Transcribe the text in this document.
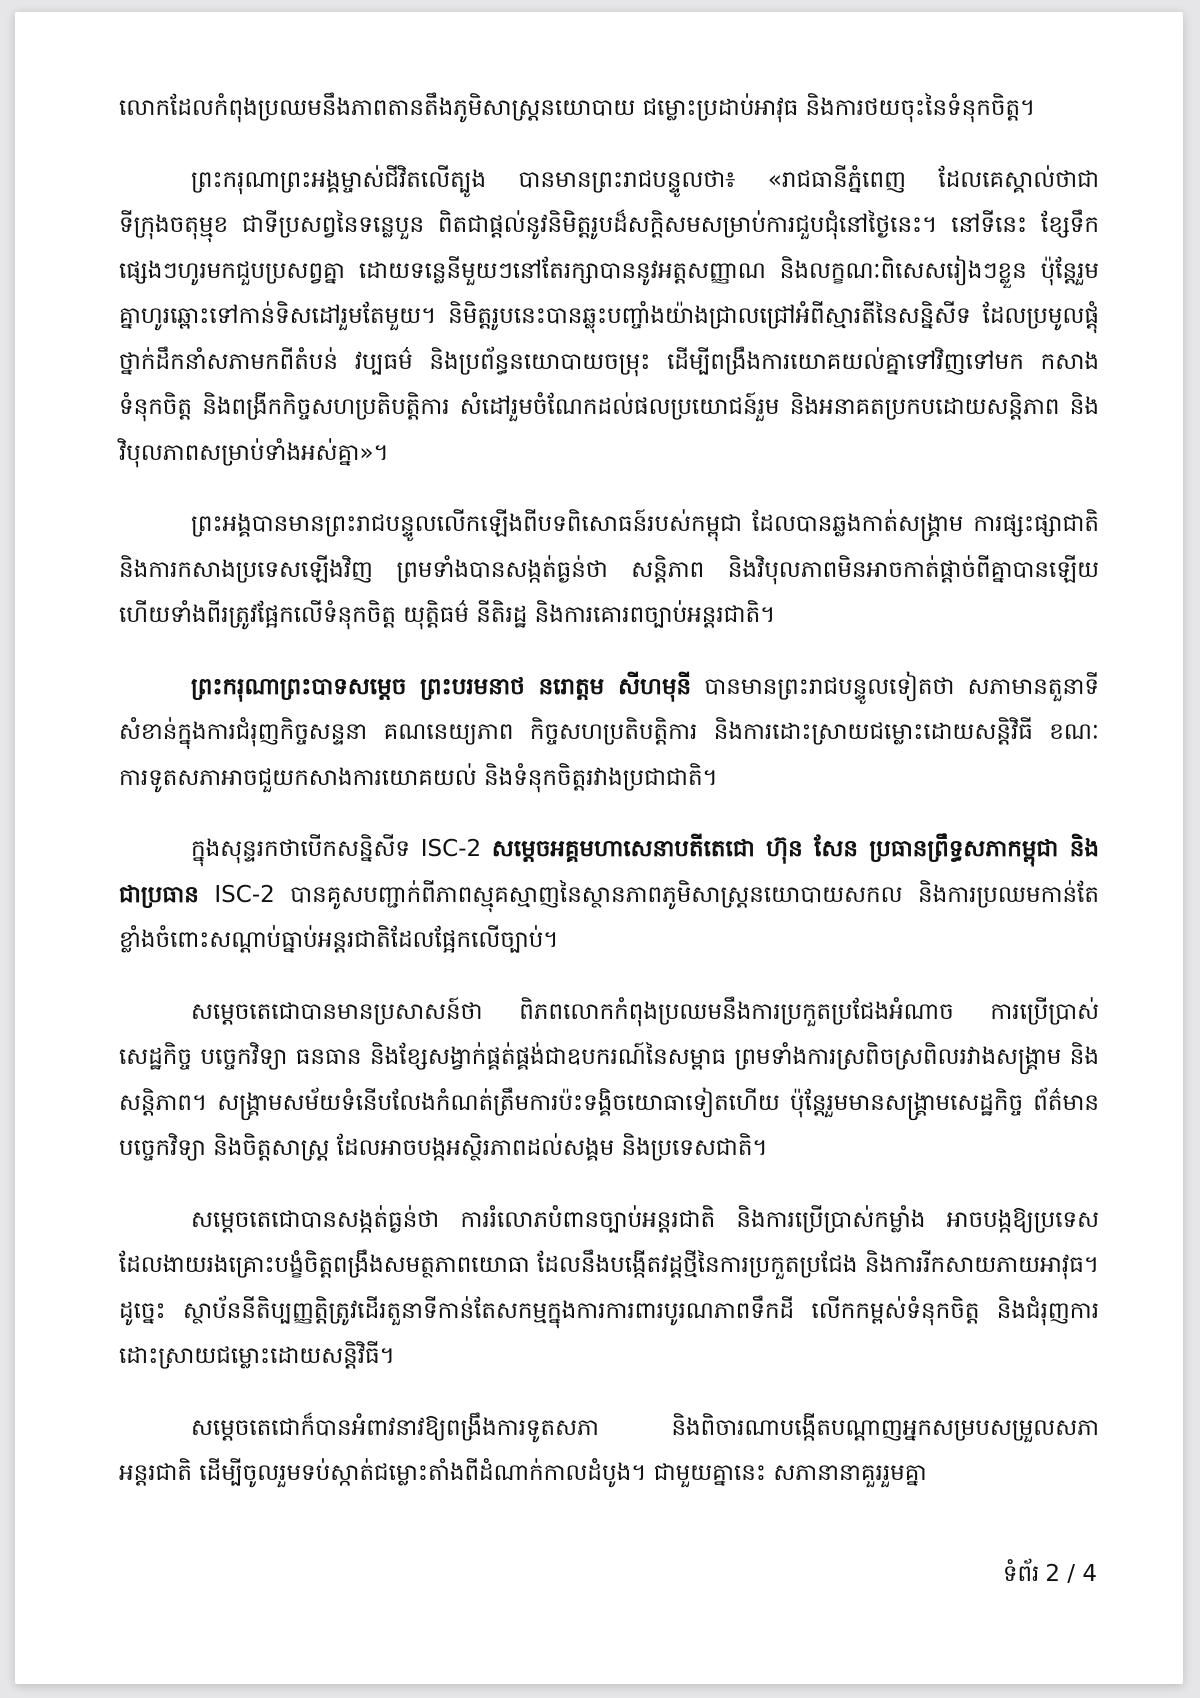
លោកដែលកំពុងប្រឈមនឹងភាពតានតឹងភូមិសាស្ត្រនយោបាយ ជម្លោះប្រដាប់អាវុធ និងការថយចុះនៃទំនុកចិត្ត។

ព្រះករុណាព្រះអង្គម្ចាស់ជីវិតលើត្បូង បានមានព្រះរាជបន្ទូលថា៖ «រាជធានីភ្នំពេញ ដែលគេស្គាល់ថាជាទីក្រុងចតុម្មុខ ជាទីប្រសព្វនៃទន្លេបួន ពិតជាផ្តល់នូវនិមិត្តរូបដ៏សក្តិសមសម្រាប់ការជួបជុំនៅថ្ងៃនេះ។ នៅទីនេះ ខ្សែទឹកផ្សេងៗហូរមកជួបប្រសព្វគ្នា ដោយទន្លេនីមួយៗនៅតែរក្សាបាននូវអត្តសញ្ញាណ និងលក្ខណៈពិសេសរៀងៗខ្លួន ប៉ុន្តែរួមគ្នាហូរឆ្ពោះទៅកាន់ទិសដៅរួមតែមួយ។ និមិត្តរូបនេះបានឆ្លុះបញ្ចាំងយ៉ាងជ្រាលជ្រៅអំពីស្មារតីនៃសន្និសីទ ដែលប្រមូលផ្តុំថ្នាក់ដឹកនាំសភាមកពីតំបន់ វប្បធម៌ និងប្រព័ន្ធនយោបាយចម្រុះ ដើម្បីពង្រឹងការយោគយល់គ្នាទៅវិញទៅមក កសាងទំនុកចិត្ត និងពង្រីកកិច្ចសហប្រតិបត្តិការ សំដៅរួមចំណែកដល់ផលប្រយោជន៍រួម និងអនាគតប្រកបដោយសន្តិភាព និងវិបុលភាពសម្រាប់ទាំងអស់គ្នា»។

ព្រះអង្គបានមានព្រះរាជបន្ទូលលើកឡើងពីបទពិសោធន៍របស់កម្ពុជា ដែលបានឆ្លងកាត់សង្គ្រាម ការផ្សះផ្សាជាតិ និងការកសាងប្រទេសឡើងវិញ ព្រមទាំងបានសង្កត់ធ្ងន់ថា សន្តិភាព និងវិបុលភាពមិនអាចកាត់ផ្តាច់ពីគ្នាបានឡើយ ហើយទាំងពីរត្រូវផ្អែកលើទំនុកចិត្ត យុត្តិធម៌ នីតិរដ្ឋ និងការគោរពច្បាប់អន្តរជាតិ។

ព្រះករុណាព្រះបាទសម្តេច ព្រះបរមនាថ នរោត្តម សីហមុនី បានមានព្រះរាជបន្ទូលទៀតថា សភាមានតួនាទីសំខាន់ក្នុងការជំរុញកិច្ចសន្ទនា គណនេយ្យភាព កិច្ចសហប្រតិបត្តិការ និងការដោះស្រាយជម្លោះដោយសន្តិវិធី ខណៈការទូតសភាអាចជួយកសាងការយោគយល់ និងទំនុកចិត្តរវាងប្រជាជាតិ។

ក្នុងសុន្ទរកថាបើកសន្និសីទ ISC-2 សម្តេចអគ្គមហាសេនាបតីតេជោ ហ៊ុន សែន ប្រធានព្រឹទ្ធសភាកម្ពុជា និងជាប្រធាន ISC-2 បានគូសបញ្ជាក់ពីភាពស្មុគស្មាញនៃស្ថានភាពភូមិសាស្ត្រនយោបាយសកល និងការប្រឈមកាន់តែខ្លាំងចំពោះសណ្តាប់ធ្នាប់អន្តរជាតិដែលផ្អែកលើច្បាប់។

សម្តេចតេជោបានមានប្រសាសន៍ថា ពិភពលោកកំពុងប្រឈមនឹងការប្រកួតប្រជែងអំណាច ការប្រើប្រាស់សេដ្ឋកិច្ច បច្ចេកវិទ្យា ធនធាន និងខ្សែសង្វាក់ផ្គត់ផ្គង់ជាឧបករណ៍នៃសម្ពាធ ព្រមទាំងការស្រពិចស្រពិលរវាងសង្គ្រាម និងសន្តិភាព។ សង្គ្រាមសម័យទំនើបលែងកំណត់ត្រឹមការប៉ះទង្គិចយោធាទៀតហើយ ប៉ុន្តែរួមមានសង្គ្រាមសេដ្ឋកិច្ច ព័ត៌មាន បច្ចេកវិទ្យា និងចិត្តសាស្ត្រ ដែលអាចបង្កអស្ថិរភាពដល់សង្គម និងប្រទេសជាតិ។

សម្តេចតេជោបានសង្កត់ធ្ងន់ថា ការរំលោភបំពានច្បាប់អន្តរជាតិ និងការប្រើប្រាស់កម្លាំង អាចបង្កឱ្យប្រទេសដែលងាយរងគ្រោះបង្ខំចិត្តពង្រឹងសមត្ថភាពយោធា ដែលនឹងបង្កើតវដ្តថ្មីនៃការប្រកួតប្រជែង និងការរីកសាយភាយអាវុធ។ ដូច្នេះ ស្ថាប័ននីតិប្បញ្ញត្តិត្រូវដើរតួនាទីកាន់តែសកម្មក្នុងការការពារបូរណភាពទឹកដី លើកកម្ពស់ទំនុកចិត្ត និងជំរុញការដោះស្រាយជម្លោះដោយសន្តិវិធី។

សម្តេចតេជោក៏បានអំពាវនាវឱ្យពង្រឹងការទូតសភា និងពិចារណាបង្កើតបណ្តាញអ្នកសម្របសម្រួលសភាអន្តរជាតិ ដើម្បីចូលរួមទប់ស្កាត់ជម្លោះតាំងពីដំណាក់កាលដំបូង។ ជាមួយគ្នានេះ សភានានាគួររួមគ្នា

ទំព័រ 2 / 4
